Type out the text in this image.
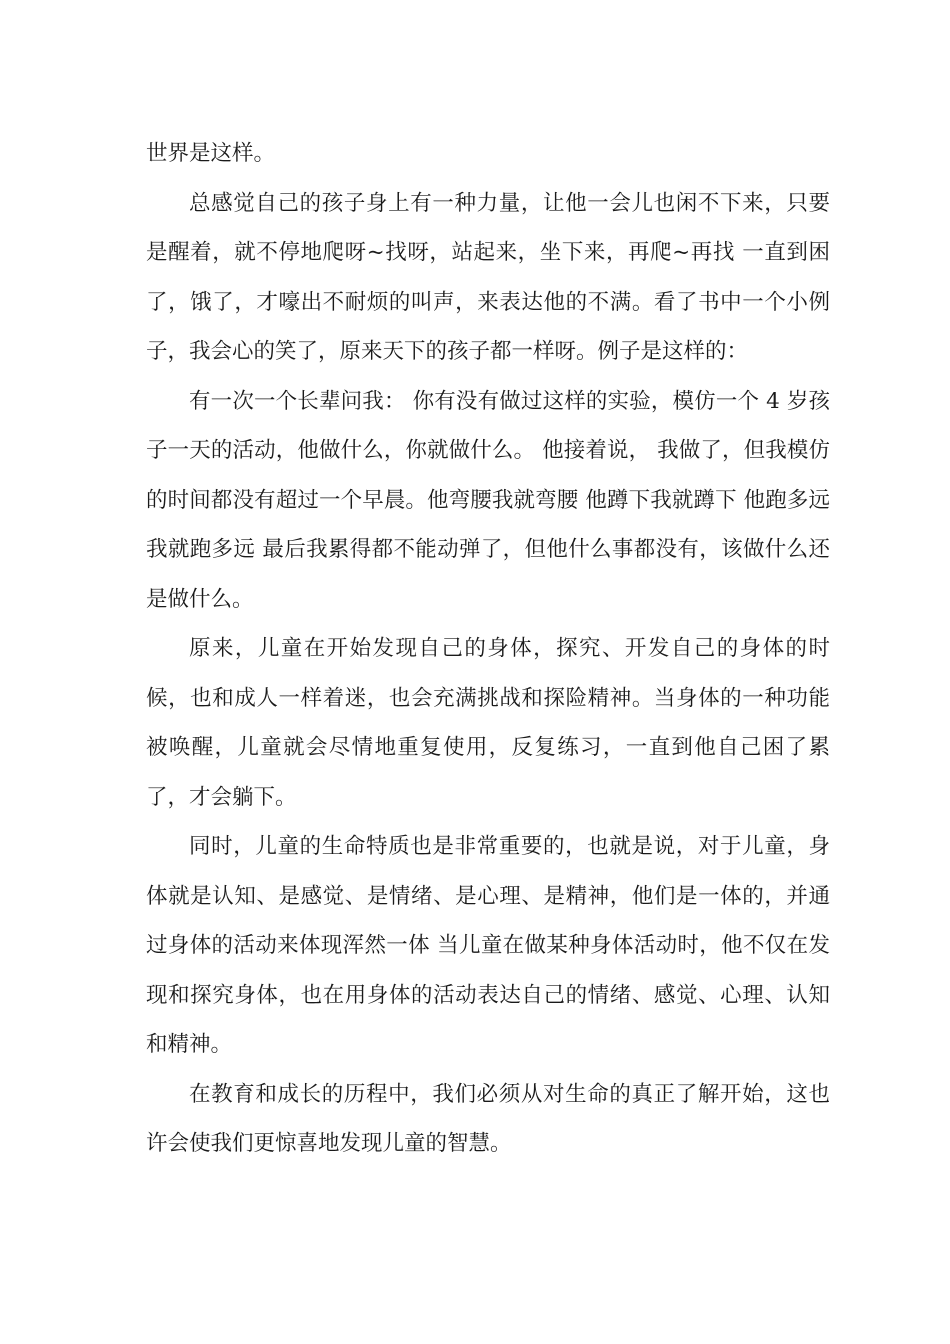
世界是这样。

总感觉自己的孩子身上有一种力量，让他一会儿也闲不下来，只要是醒着，就不停地爬呀~找呀，站起来，坐下来，再爬~再找 一直到困了，饿了，才嚎出不耐烦的叫声，来表达他的不满。看了书中一个小例子，我会心的笑了，原来天下的孩子都一样呀。例子是这样的：

有一次一个长辈问我： 你有没有做过这样的实验，模仿一个 4 岁孩子一天的活动，他做什么，你就做什么。 他接着说， 我做了，但我模仿的时间都没有超过一个早晨。他弯腰我就弯腰 他蹲下我就蹲下 他跑多远我就跑多远 最后我累得都不能动弹了，但他什么事都没有，该做什么还是做什么。

原来，儿童在开始发现自己的身体，探究、开发自己的身体的时候，也和成人一样着迷，也会充满挑战和探险精神。当身体的一种功能被唤醒，儿童就会尽情地重复使用，反复练习，一直到他自己困了累了，才会躺下。

同时，儿童的生命特质也是非常重要的，也就是说，对于儿童，身体就是认知、是感觉、是情绪、是心理、是精神，他们是一体的，并通过身体的活动来体现浑然一体 当儿童在做某种身体活动时，他不仅在发现和探究身体，也在用身体的活动表达自己的情绪、感觉、心理、认知和精神。

在教育和成长的历程中，我们必须从对生命的真正了解开始，这也许会使我们更惊喜地发现儿童的智慧。
